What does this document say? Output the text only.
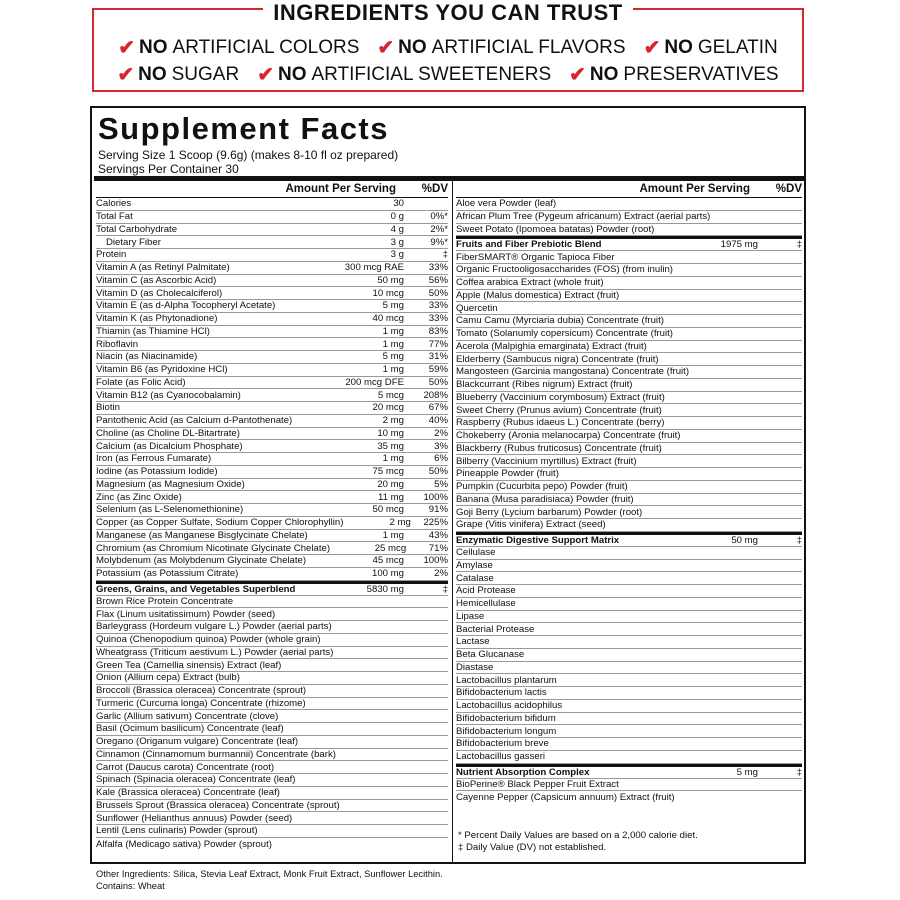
INGREDIENTS YOU CAN TRUST
✔ NO ARTIFICIAL COLORS ✔ NO ARTIFICIAL FLAVORS ✔ NO GELATIN
✔ NO SUGAR ✔ NO ARTIFICIAL SWEETENERS ✔ NO PRESERVATIVES
Supplement Facts
Serving Size 1 Scoop (9.6g) (makes 8-10 fl oz prepared)
Servings Per Container 30
Amount Per Serving	%DV
Calories	30
Total Fat	0 g	0%*
Total Carbohydrate	4 g	2%*
Dietary Fiber	3 g	9%*
Protein	3 g	‡
Vitamin A (as Retinyl Palmitate)	300 mcg RAE	33%
Vitamin C (as Ascorbic Acid)	50 mg	56%
Vitamin D (as Cholecalciferol)	10 mcg	50%
Vitamin E (as d-Alpha Tocopheryl Acetate)	5 mg	33%
Vitamin K (as Phytonadione)	40 mcg	33%
Thiamin (as Thiamine HCl)	1 mg	83%
Riboflavin	1 mg	77%
Niacin (as Niacinamide)	5 mg	31%
Vitamin B6 (as Pyridoxine HCl)	1 mg	59%
Folate (as Folic Acid)	200 mcg DFE	50%
Vitamin B12 (as Cyanocobalamin)	5 mcg	208%
Biotin	20 mcg	67%
Pantothenic Acid (as Calcium d-Pantothenate)	2 mg	40%
Choline (as Choline DL-Bitartrate)	10 mg	2%
Calcium (as Dicalcium Phosphate)	35 mg	3%
Iron (as Ferrous Fumarate)	1 mg	6%
Iodine (as Potassium Iodide)	75 mcg	50%
Magnesium (as Magnesium Oxide)	20 mg	5%
Zinc (as Zinc Oxide)	11 mg	100%
Selenium (as L-Selenomethionine)	50 mcg	91%
Copper (as Copper Sulfate, Sodium Copper Chlorophyllin)	2 mg	225%
Manganese (as Manganese Bisglycinate Chelate)	1 mg	43%
Chromium (as Chromium Nicotinate Glycinate Chelate)	25 mcg	71%
Molybdenum (as Molybdenum Glycinate Chelate)	45 mcg	100%
Potassium (as Potassium Citrate)	100 mg	2%
Greens, Grains, and Vegetables Superblend	5830 mg	‡
Brown Rice Protein Concentrate
Flax (Linum usitatissimum) Powder (seed)
Barleygrass (Hordeum vulgare L.) Powder (aerial parts)
Quinoa (Chenopodium quinoa) Powder (whole grain)
Wheatgrass (Triticum aestivum L.) Powder (aerial parts)
Green Tea (Camellia sinensis) Extract (leaf)
Onion (Allium cepa) Extract (bulb)
Broccoli (Brassica oleracea) Concentrate (sprout)
Turmeric (Curcuma longa) Concentrate (rhizome)
Garlic (Allium sativum) Concentrate (clove)
Basil (Ocimum basilicum) Concentrate (leaf)
Oregano (Origanum vulgare) Concentrate (leaf)
Cinnamon (Cinnamomum burmannii) Concentrate (bark)
Carrot (Daucus carota) Concentrate (root)
Spinach (Spinacia oleracea) Concentrate (leaf)
Kale (Brassica oleracea) Concentrate (leaf)
Brussels Sprout (Brassica oleracea) Concentrate (sprout)
Sunflower (Helianthus annuus) Powder (seed)
Lentil (Lens culinaris) Powder (sprout)
Alfalfa (Medicago sativa) Powder (sprout)
Amount Per Serving	%DV
Aloe vera Powder (leaf)
African Plum Tree (Pygeum africanum) Extract (aerial parts)
Sweet Potato (Ipomoea batatas) Powder (root)
Fruits and Fiber Prebiotic Blend	1975 mg	‡
FiberSMART® Organic Tapioca Fiber
Organic Fructooligosaccharides (FOS) (from inulin)
Coffea arabica Extract (whole fruit)
Apple (Malus domestica) Extract (fruit)
Quercetin
Camu Camu (Myrciaria dubia) Concentrate (fruit)
Tomato (Solanumly copersicum) Concentrate (fruit)
Acerola (Malpighia emarginata) Extract (fruit)
Elderberry (Sambucus nigra) Concentrate (fruit)
Mangosteen (Garcinia mangostana) Concentrate (fruit)
Blackcurrant (Ribes nigrum) Extract (fruit)
Blueberry (Vaccinium corymbosum) Extract (fruit)
Sweet Cherry (Prunus avium) Concentrate (fruit)
Raspberry (Rubus idaeus L.) Concentrate (berry)
Chokeberry (Aronia melanocarpa) Concentrate (fruit)
Blackberry (Rubus fruticosus) Concentrate (fruit)
Bilberry (Vaccinium myrtillus) Extract (fruit)
Pineapple Powder (fruit)
Pumpkin (Cucurbita pepo) Powder (fruit)
Banana (Musa paradisiaca) Powder (fruit)
Goji Berry (Lycium barbarum) Powder (root)
Grape (Vitis vinifera) Extract (seed)
Enzymatic Digestive Support Matrix	50 mg	‡
Cellulase
Amylase
Catalase
Acid Protease
Hemicellulase
Lipase
Bacterial Protease
Lactase
Beta Glucanase
Diastase
Lactobacillus plantarum
Bifidobacterium lactis
Lactobacillus acidophilus
Bifidobacterium bifidum
Bifidobacterium longum
Bifidobacterium breve
Lactobacillus gasseri
Nutrient Absorption Complex	5 mg	‡
BioPerine® Black Pepper Fruit Extract
Cayenne Pepper (Capsicum annuum) Extract (fruit)
* Percent Daily Values are based on a 2,000 calorie diet.
‡ Daily Value (DV) not established.
Other Ingredients: Silica, Stevia Leaf Extract, Monk Fruit Extract, Sunflower Lecithin.
Contains: Wheat
